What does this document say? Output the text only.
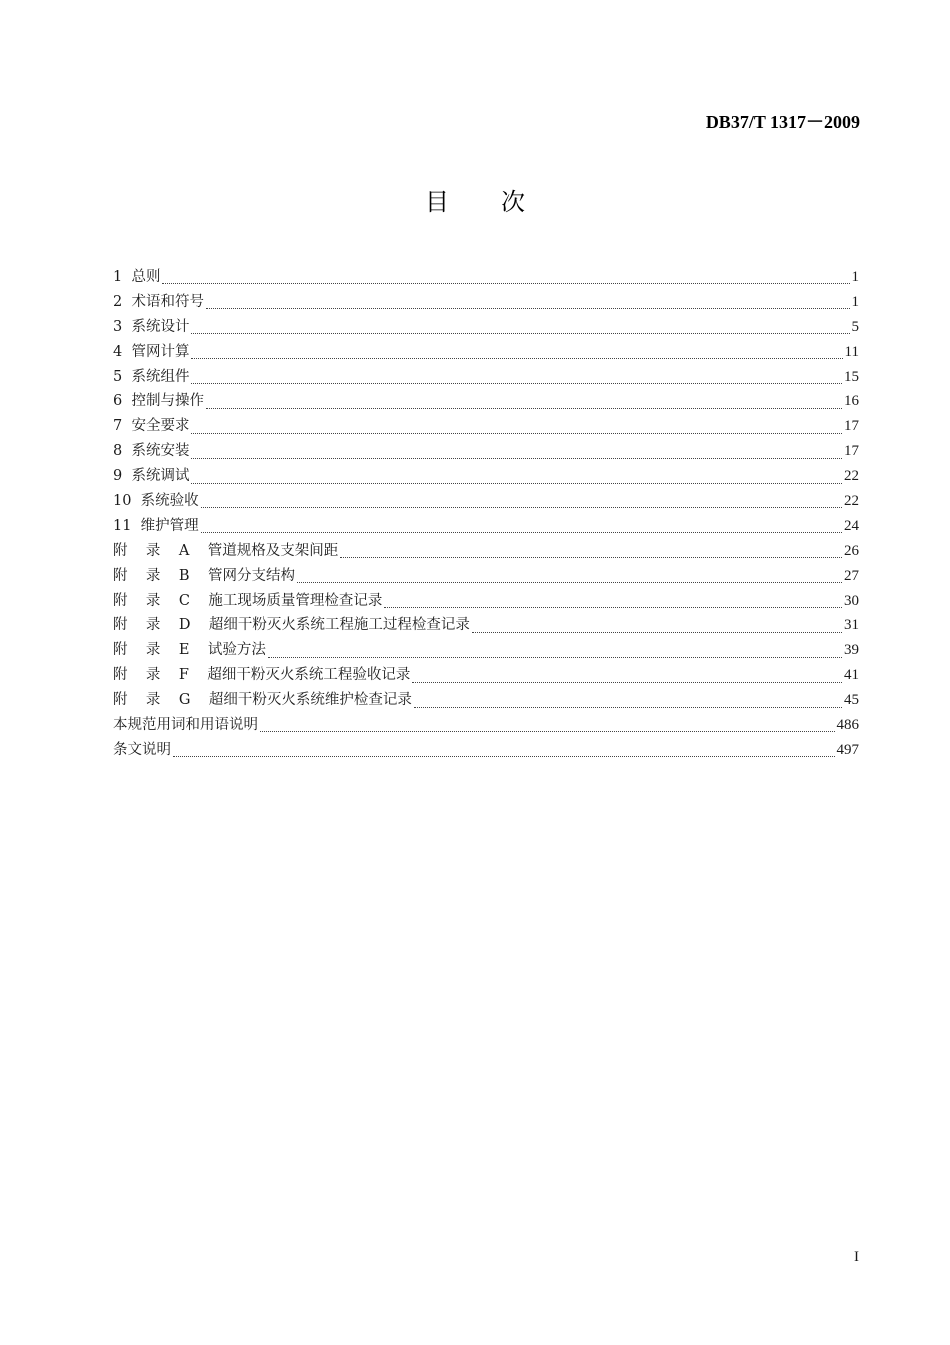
DB37/T 1317－2009
目次
1  总则	1
2  术语和符号	1
3  系统设计	5
4  管网计算	11
5  系统组件	15
6  控制与操作	16
7  安全要求	17
8  系统安装	17
9  系统调试	22
10  系统验收	22
11  维护管理	24
附    录    A    管道规格及支架间距	26
附    录    B    管网分支结构	27
附    录    C    施工现场质量管理检查记录	30
附    录    D    超细干粉灭火系统工程施工过程检查记录	31
附    录    E    试验方法	39
附    录    F    超细干粉灭火系统工程验收记录	41
附    录    G    超细干粉灭火系统维护检查记录	45
本规范用词和用语说明	486
条文说明	497
I
